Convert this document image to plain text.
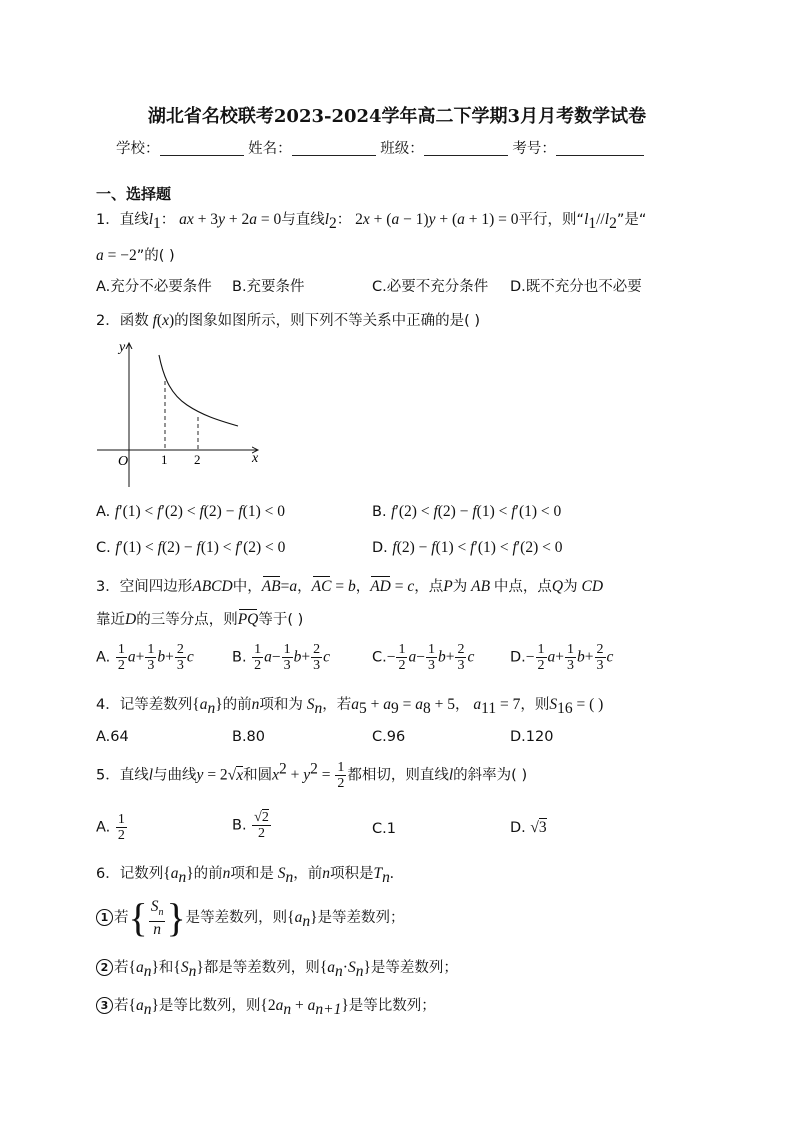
湖北省名校联考2023-2024学年高二下学期3月月考数学试卷
学校：	姓名：	班级：	考号：
一、选择题
1．直线$l_1$： ax + 3y + 2a = 0与直线$l_2$： 2x + (a − 1)y + (a + 1) = 0平行，则“$l_1//l_2$”是“
a = −2”的( )
A.充分不必要条件 B.充要条件	C.必要不充分条件 D.既不充分也不必要
2．函数 f(x)的图象如图所示，则下列不等关系中正确的是( )
y
x
O	1 2
A. f′(1) < f′(2) < f(2) − f(1) < 0	B. f′(2) < f(2) − f(1) < f′(1) < 0
C. f′(1) < f(2) − f(1) < f′(2) < 0	D. f(2) − f(1) < f′(1) < f′(2) < 0
3．空间四边形ABCD中，AB=a，AC = b，AD = c，点P为 AB 中点，点Q为 CD
靠近D的三等分点，则PQ等于( )
A. $\frac{1}{2} a+ \frac{1}{3} b+ \frac{2}{3}$ c	B. $\frac{1}{2} a- \frac{1}{3} b+ \frac{2}{3}$ c	$C.- \frac{1}{2} a- \frac{1}{3} b+ \frac{2}{3}$ c $D.- \frac{1}{2} a+ \frac{1}{3} b+ \frac{2}{3}$ c
4．记等差数列$\{a_n\}$的前n项和为 $S_n$，若$a_5 + a_9 = a_8 + 5$， $a_{11} = 7$，则$S_{16}$ = ( )
A.64	B.80	C.96	D.120
5．直线l与曲线y = 2√x和圆$x^2 + y^2 = \frac{1}{2}$ 都相切，则直线l的斜率为( )
A. $\frac{1}{2}$	B. $\frac{√2}{2}$	C.1	D. √3
6．记数列$\{a_n\}$的前n项和是 $S_n$，前n项积是$T_n$.
1 若{ $\frac{S_n}{n}$ }是等差数列，则$\{a_n\}$是等差数列；
2 若$\{a_n\}$和$\{S_n\}$都是等差数列，则$\{a_n\cdot S_n\}$是等差数列；
3 若$\{a_n\}$是等比数列，则$\{2a_n + a_{n+1}\}$是等比数列；
